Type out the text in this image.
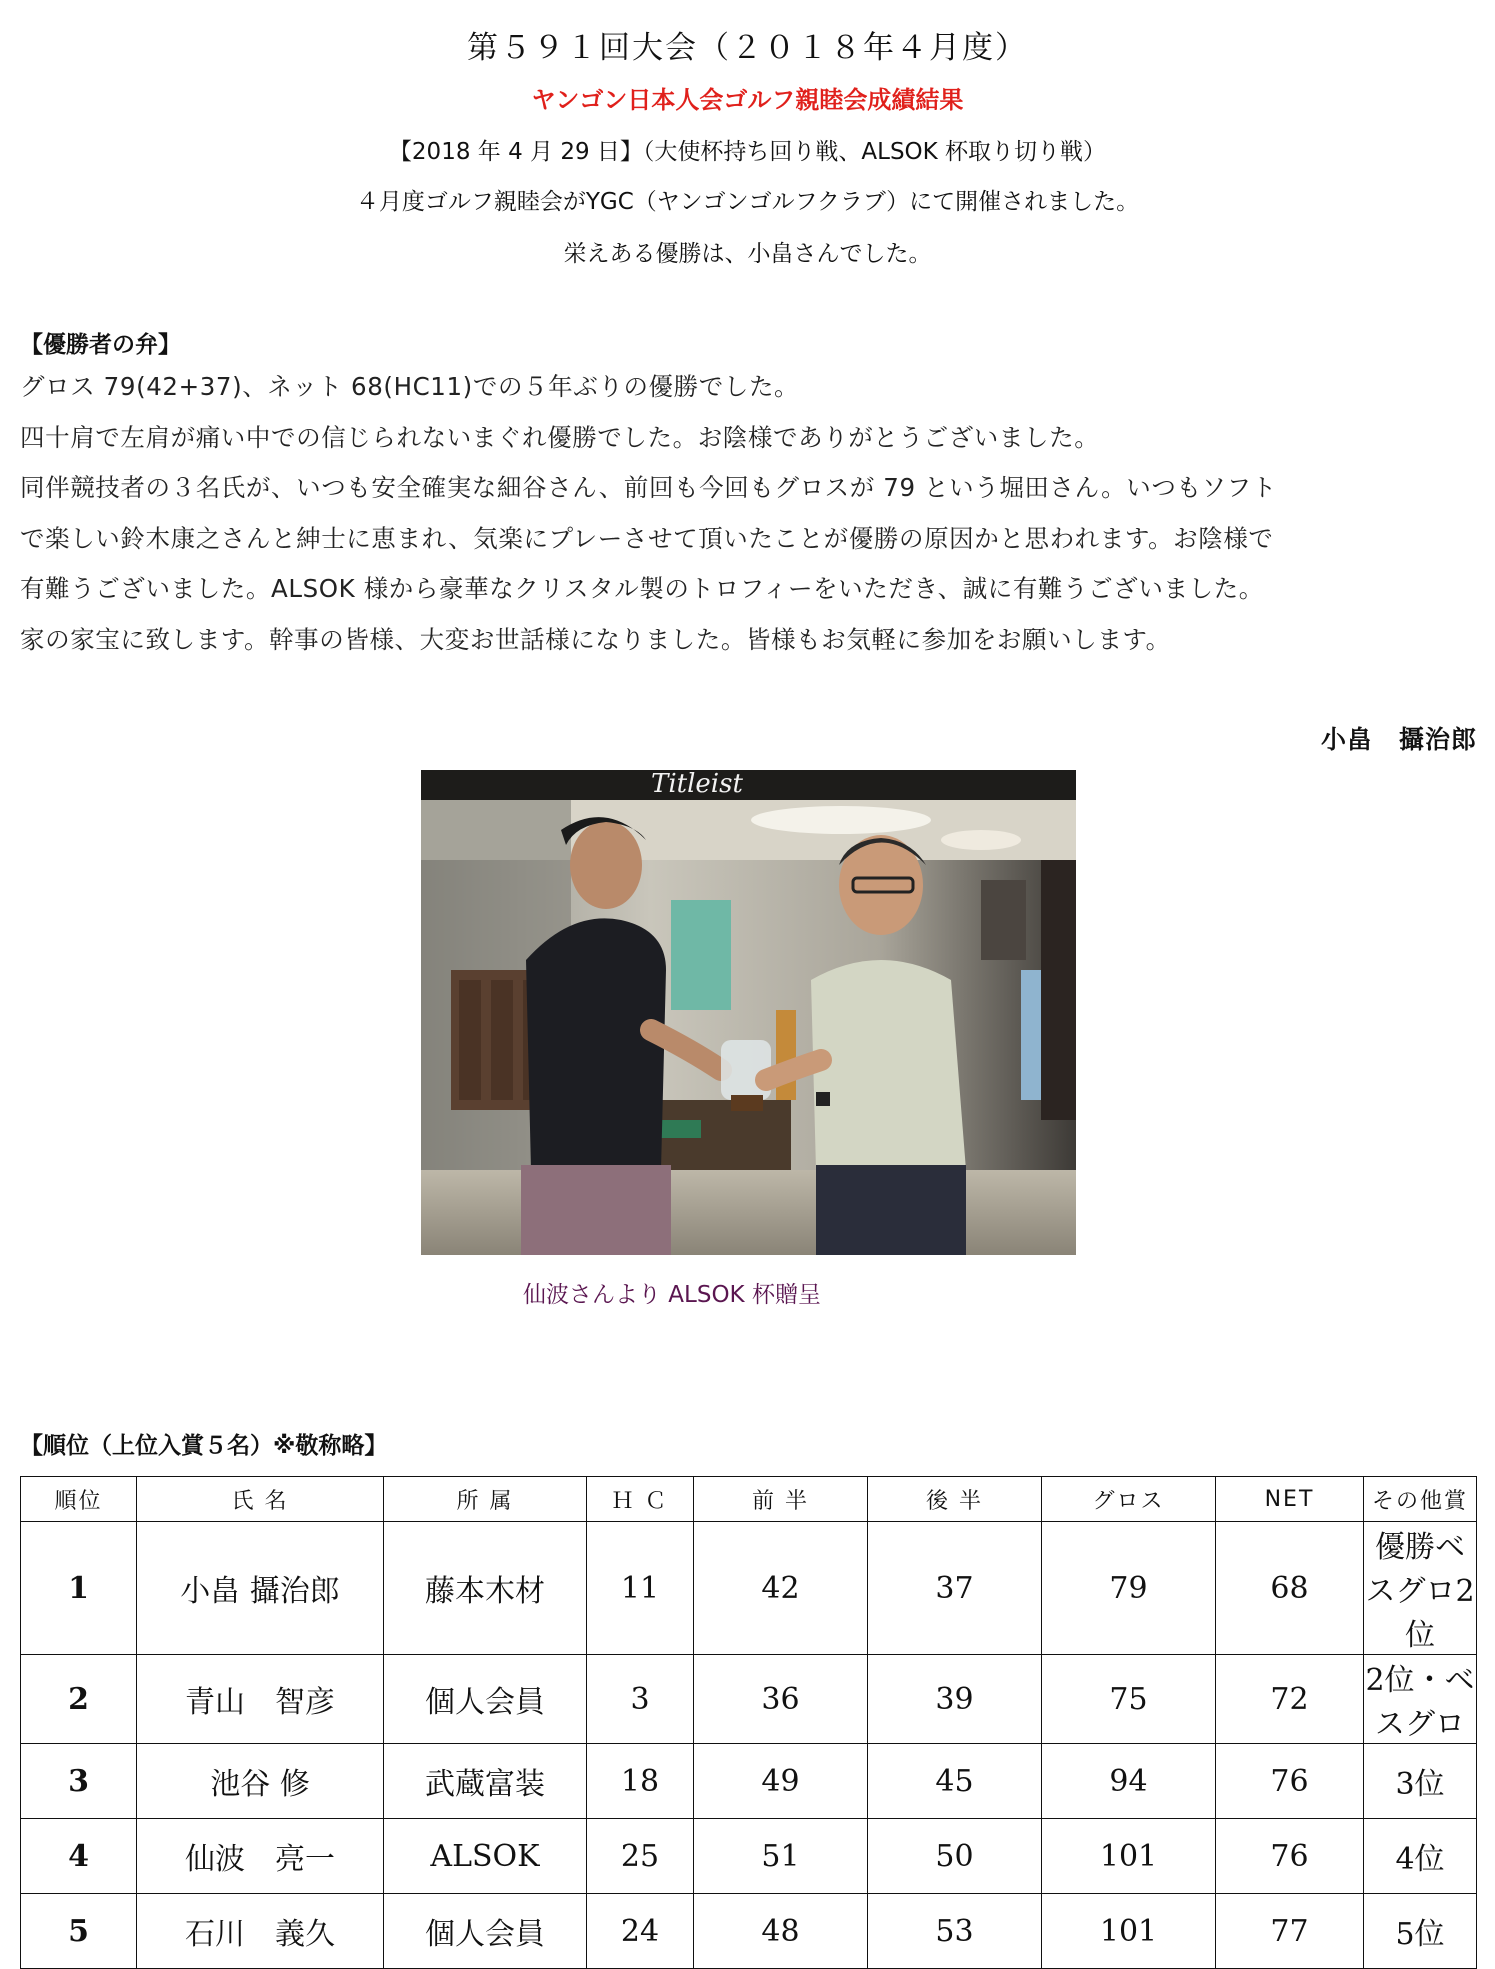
第５９１回大会（２０１８年４月度）
ヤンゴン日本人会ゴルフ親睦会成績結果
【2018 年 4 月 29 日】（大使杯持ち回り戦、ALSOK 杯取り切り戦）
４月度ゴルフ親睦会がYGC（ヤンゴンゴルフクラブ）にて開催されました。
栄えある優勝は、小畠さんでした。
【優勝者の弁】

グロス 79(42+37)、ネット 68(HC11)での５年ぶりの優勝でした。

四十肩で左肩が痛い中での信じられないまぐれ優勝でした。お陰様でありがとうございました。

同伴競技者の３名氏が、いつも安全確実な細谷さん、前回も今回もグロスが 79 という堀田さん。いつもソフト

で楽しい鈴木康之さんと紳士に恵まれ、気楽にプレーさせて頂いたことが優勝の原因かと思われます。お陰様で

有難うございました。ALSOK 様から豪華なクリスタル製のトロフィーをいただき、誠に有難うございました。

家の家宝に致します。幹事の皆様、大変お世話様になりました。皆様もお気軽に参加をお願いします。

小畠　攝治郎
Titleist
仙波さんより ALSOK 杯贈呈
【順位（上位入賞５名）※敬称略】
順位	氏 名	所 属	Ｈ Ｃ	前 半	後 半	グロス	NET	その他賞
1	小畠 攝治郎	藤本木材	11	42	37	79	68	優勝ベスグロ2位
2	青山　智彦	個人会員	3	36	39	75	72	2位・ベスグロ
3	池谷 修	武蔵富装	18	49	45	94	76	3位
4	仙波　亮一	ALSOK	25	51	50	101	76	4位
5	石川　義久	個人会員	24	48	53	101	77	5位
